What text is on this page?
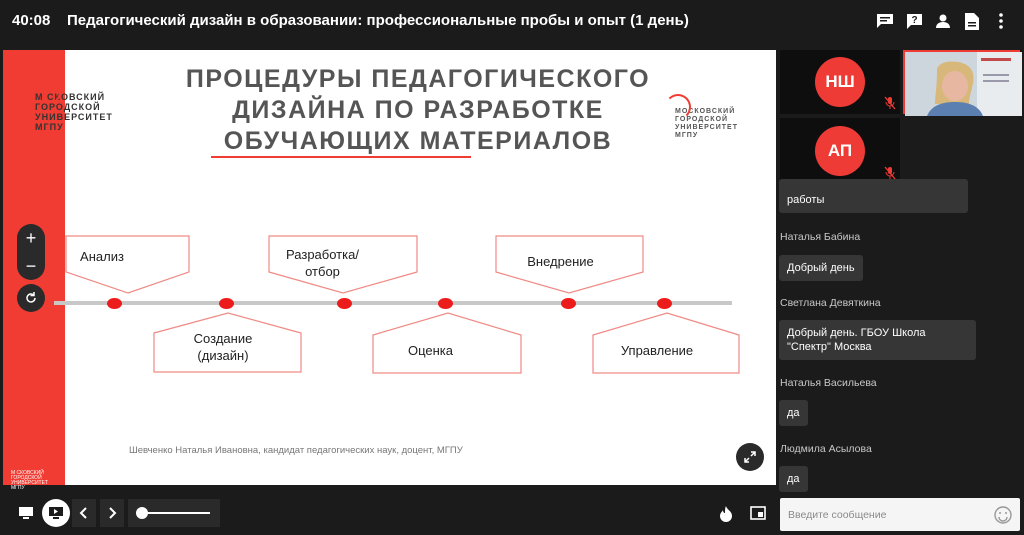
40:08 Педагогический дизайн в образовании: профессиональные пробы и опыт (1 день)	?
М СКОВСКИЙ
ГОРОДСКОЙ
УНИВЕРСИТЕТ
МГПУ
МОСКОВСКИЙ
ГОРОДСКОЙ
УНИВЕРСИТЕТ
МГПУ
ПРОЦЕДУРЫ ПЕДАГОГИЧЕСКОГО
ДИЗАЙНА ПО РАЗРАБОТКЕ
ОБУЧАЮЩИХ МАТЕРИАЛОВ
Анализ	Разработка/ отбор
Внедрение
Создание (дизайн)	Оценка	Управление
Шевченко Наталья Ивановна, кандидат педагогических наук, доцент, МГПУ
М СКОВСКИЙ
ГОРОДСКОЙ
УНИВЕРСИТЕТ
МГПУ
+
−
НШ
АП
работы
Наталья Бабина
Добрый день
Светлана Девяткина
Добрый день. ГБОУ Школа "Спектр" Москва
Наталья Васильева
да
Людмила Асылова
да
Введите сообщение
